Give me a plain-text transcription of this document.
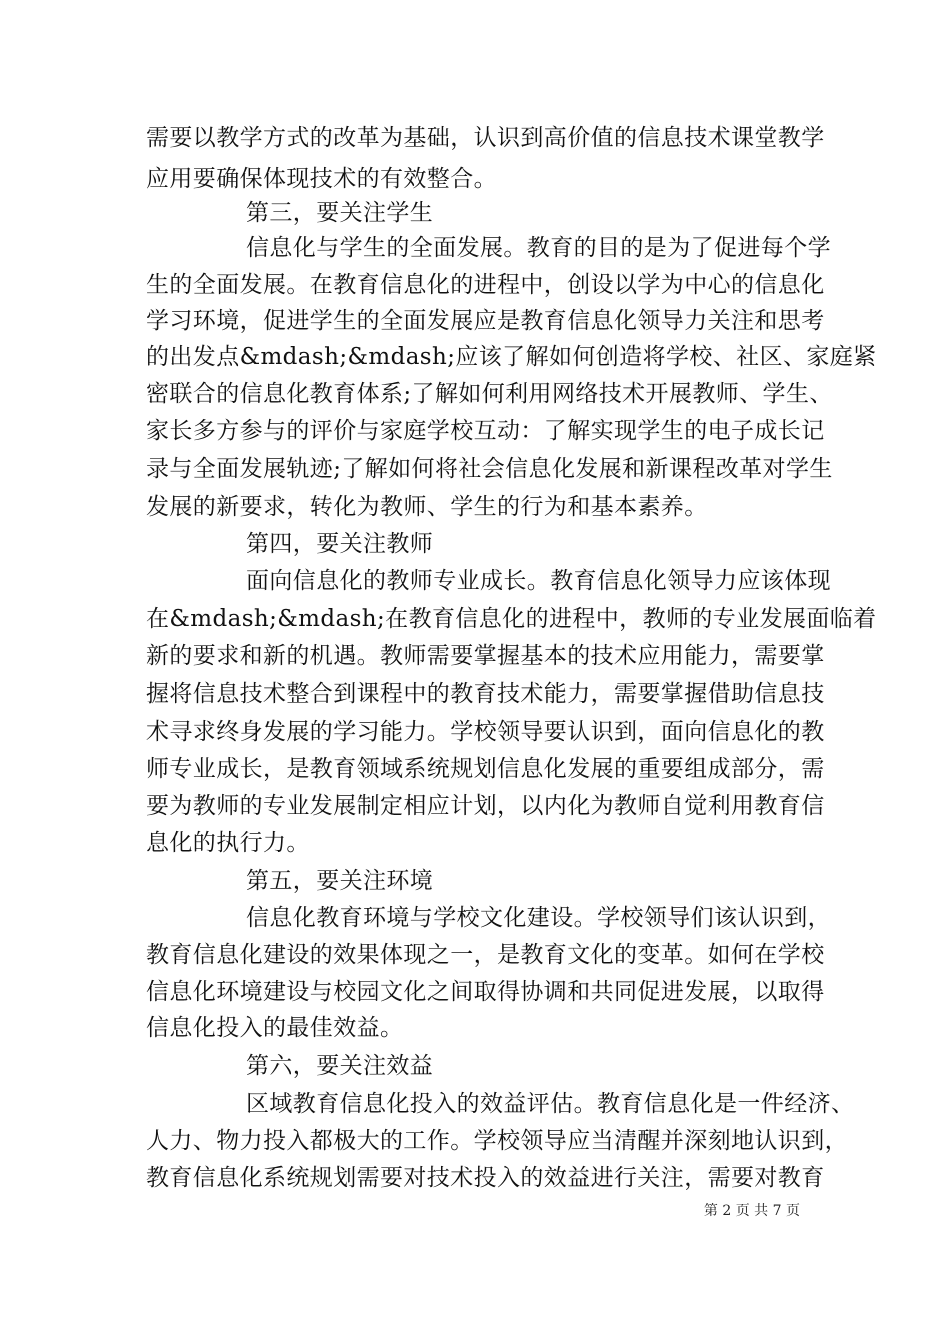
需要以教学方式的改革为基础，认识到高价值的信息技术课堂教学
应用要确保体现技术的有效整合。
第三，要关注学生
信息化与学生的全面发展。教育的目的是为了促进每个学
生的全面发展。在教育信息化的进程中，创设以学为中心的信息化
学习环境，促进学生的全面发展应是教育信息化领导力关注和思考
的出发点&mdash;&mdash;应该了解如何创造将学校、社区、家庭紧
密联合的信息化教育体系;了解如何利用网络技术开展教师、学生、
家长多方参与的评价与家庭学校互动：了解实现学生的电子成长记
录与全面发展轨迹;了解如何将社会信息化发展和新课程改革对学生
发展的新要求，转化为教师、学生的行为和基本素养。
第四，要关注教师
面向信息化的教师专业成长。教育信息化领导力应该体现
在&mdash;&mdash;在教育信息化的进程中，教师的专业发展面临着
新的要求和新的机遇。教师需要掌握基本的技术应用能力，需要掌
握将信息技术整合到课程中的教育技术能力，需要掌握借助信息技
术寻求终身发展的学习能力。学校领导要认识到，面向信息化的教
师专业成长，是教育领域系统规划信息化发展的重要组成部分，需
要为教师的专业发展制定相应计划，以内化为教师自觉利用教育信
息化的执行力。
第五，要关注环境
信息化教育环境与学校文化建设。学校领导们该认识到，
教育信息化建设的效果体现之一，是教育文化的变革。如何在学校
信息化环境建设与校园文化之间取得协调和共同促进发展，以取得
信息化投入的最佳效益。
第六，要关注效益
区域教育信息化投入的效益评估。教育信息化是一件经济、
人力、物力投入都极大的工作。学校领导应当清醒并深刻地认识到，
教育信息化系统规划需要对技术投入的效益进行关注，需要对教育
第 2 页 共 7 页
